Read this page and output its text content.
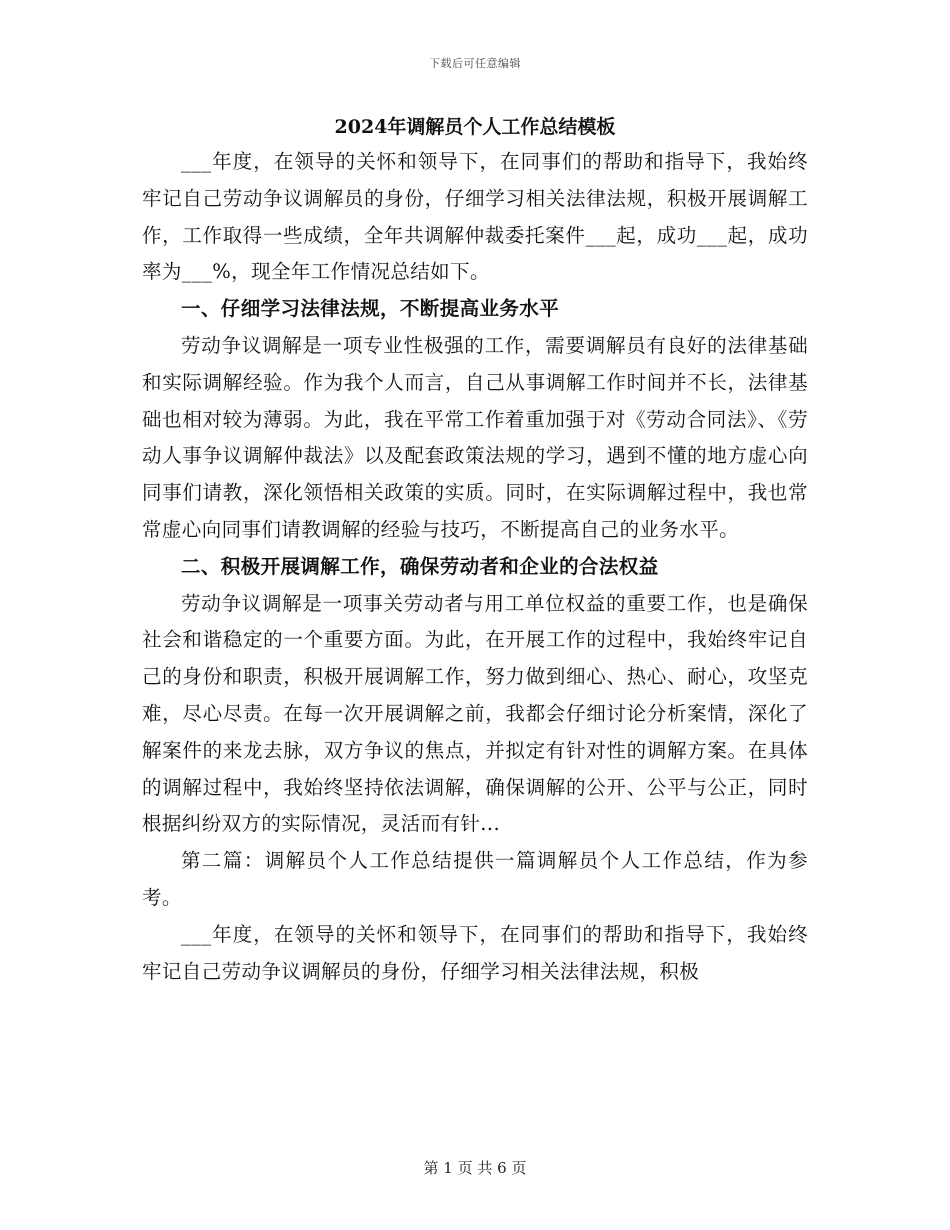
下载后可任意编辑
2024年调解员个人工作总结模板

___年度，在领导的关怀和领导下，在同事们的帮助和指导下，我始终牢记自己劳动争议调解员的身份，仔细学习相关法律法规，积极开展调解工作，工作取得一些成绩，全年共调解仲裁委托案件___起，成功___起，成功率为___%，现全年工作情况总结如下。

一、仔细学习法律法规，不断提高业务水平

劳动争议调解是一项专业性极强的工作，需要调解员有良好的法律基础和实际调解经验。作为我个人而言，自己从事调解工作时间并不长，法律基础也相对较为薄弱。为此，我在平常工作着重加强于对《劳动合同法》、《劳动人事争议调解仲裁法》以及配套政策法规的学习，遇到不懂的地方虚心向同事们请教，深化领悟相关政策的实质。同时，在实际调解过程中，我也常常虚心向同事们请教调解的经验与技巧，不断提高自己的业务水平。

二、积极开展调解工作，确保劳动者和企业的合法权益

劳动争议调解是一项事关劳动者与用工单位权益的重要工作，也是确保社会和谐稳定的一个重要方面。为此，在开展工作的过程中，我始终牢记自己的身份和职责，积极开展调解工作，努力做到细心、热心、耐心，攻坚克难，尽心尽责。在每一次开展调解之前，我都会仔细讨论分析案情，深化了解案件的来龙去脉，双方争议的焦点，并拟定有针对性的调解方案。在具体的调解过程中，我始终坚持依法调解，确保调解的公开、公平与公正，同时根据纠纷双方的实际情况，灵活而有针...

第二篇：调解员个人工作总结提供一篇调解员个人工作总结，作为参考。

___年度，在领导的关怀和领导下，在同事们的帮助和指导下，我始终牢记自己劳动争议调解员的身份，仔细学习相关法律法规，积极

第 1 页 共 6 页
